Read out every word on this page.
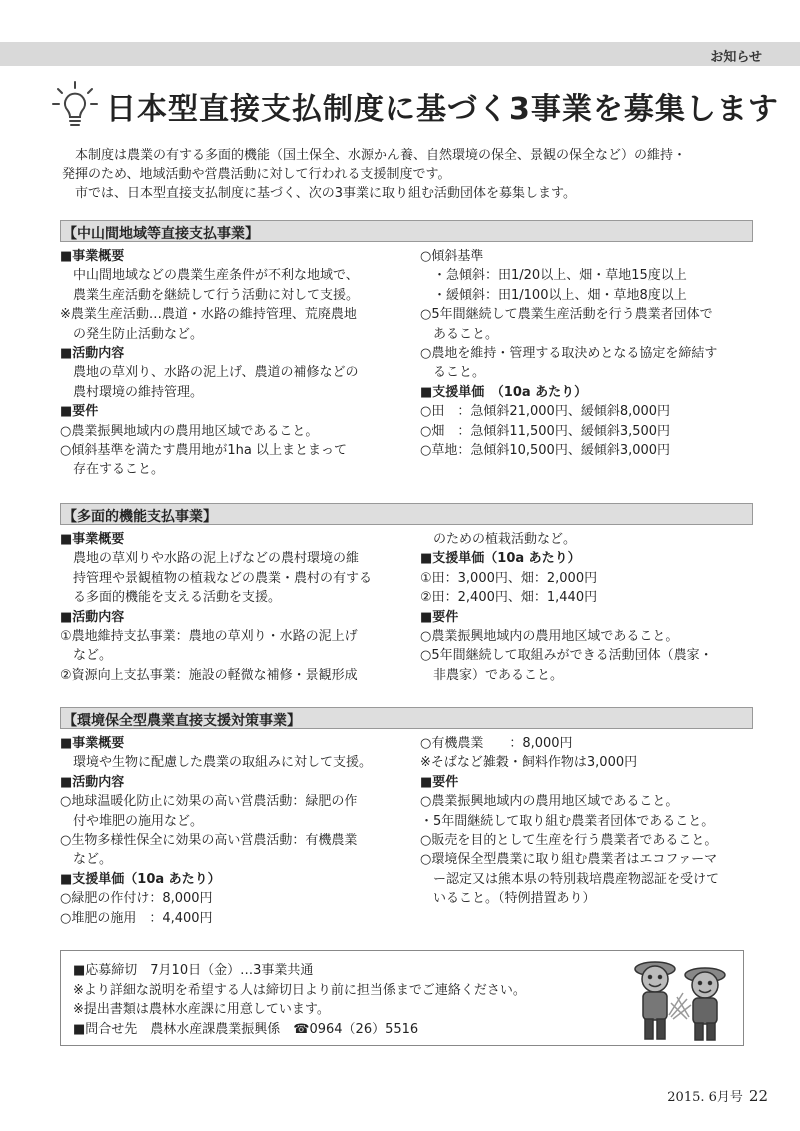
お知らせ
日本型直接支払制度に基づく3事業を募集します

本制度は農業の有する多面的機能（国土保全、水源かん養、自然環境の保全、景観の保全など）の維持・

発揮のため、地域活動や営農活動に対して行われる支援制度です。

市では、日本型直接支払制度に基づく、次の3事業に取り組む活動団体を募集します。

【中山間地域等直接支払事業】
■事業概要
中山間地域などの農業生産条件が不利な地域で、
農業生産活動を継続して行う活動に対して支援。
※農業生産活動…農道・水路の維持管理、荒廃農地
の発生防止活動など。
■活動内容
農地の草刈り、水路の泥上げ、農道の補修などの
農村環境の維持管理。
■要件
○農業振興地域内の農用地区域であること。
○傾斜基準を満たす農用地が1ha 以上まとまって
存在すること。
○傾斜基準
・急傾斜：田1/20以上、畑・草地15度以上
・緩傾斜：田1/100以上、畑・草地8度以上
○5年間継続して農業生産活動を行う農業者団体で
あること。
○農地を維持・管理する取決めとなる協定を締結す
ること。
■支援単価　（10a あたり）
○田　：急傾斜21,000円、緩傾斜8,000円
○畑　：急傾斜11,500円、緩傾斜3,500円
○草地：急傾斜10,500円、緩傾斜3,000円
【多面的機能支払事業】
■事業概要
農地の草刈りや水路の泥上げなどの農村環境の維
持管理や景観植物の植栽などの農業・農村の有する
る多面的機能を支える活動を支援。
■活動内容
①農地維持支払事業：農地の草刈り・水路の泥上げ
など。
②資源向上支払事業：施設の軽微な補修・景観形成
のための植栽活動など。
■支援単価（10a あたり）
①田：3,000円、畑：2,000円
②田：2,400円、畑：1,440円
■要件
○農業振興地域内の農用地区域であること。
○5年間継続して取組みができる活動団体（農家・
非農家）であること。
【環境保全型農業直接支援対策事業】
■事業概要
環境や生物に配慮した農業の取組みに対して支援。
■活動内容
○地球温暖化防止に効果の高い営農活動：緑肥の作
付や堆肥の施用など。
○生物多様性保全に効果の高い営農活動：有機農業
など。
■支援単価（10a あたり）
○緑肥の作付け：8,000円
○堆肥の施用　：4,400円
○有機農業　　：8,000円
※そばなど雑穀・飼料作物は3,000円
■要件
○農業振興地域内の農用地区域であること。
・5年間継続して取り組む農業者団体であること。
○販売を目的として生産を行う農業者であること。
○環境保全型農業に取り組む農業者はエコファーマ
ー認定又は熊本県の特別栽培農産物認証を受けて
いること。（特例措置あり）
■応募締切　7月10日（金）…3事業共通
※より詳細な説明を希望する人は締切日より前に担当係までご連絡ください。
※提出書類は農林水産課に用意しています。
■問合せ先　農林水産課農業振興係　☎0964（26）5516
2015. 6月号 22
